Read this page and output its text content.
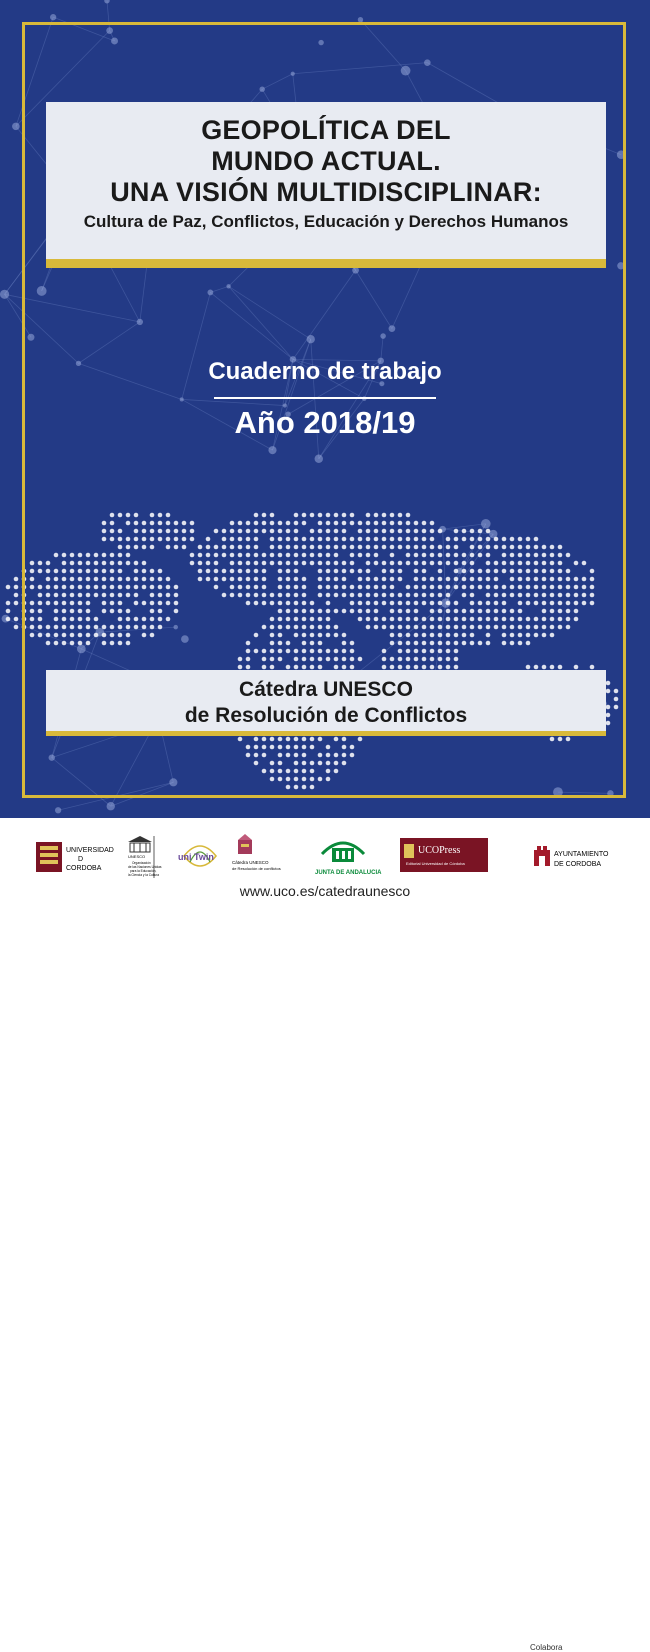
GEOPOLÍTICA DEL
MUNDO ACTUAL.
UNA VISIÓN MULTIDISCIPLINAR:
Cultura de Paz, Conflictos, Educación y Derechos Humanos
Cuaderno de trabajo
Año 2018/19
Cátedra UNESCO
de Resolución de Conflictos
UNIVERSIDAD
D
CORDOBA
UNESCO
Organización
de las Naciones Unidas
para la Educación,
la Ciencia y la Cultura
uni Twin
Cátedra UNESCO
de Resolución de conflictos
JUNTA DE ANDALUCIA
UCOPress
Editorial Universidad de Córdoba
Colabora
AYUNTAMIENTO
DE CORDOBA
www.uco.es/catedraunesco
